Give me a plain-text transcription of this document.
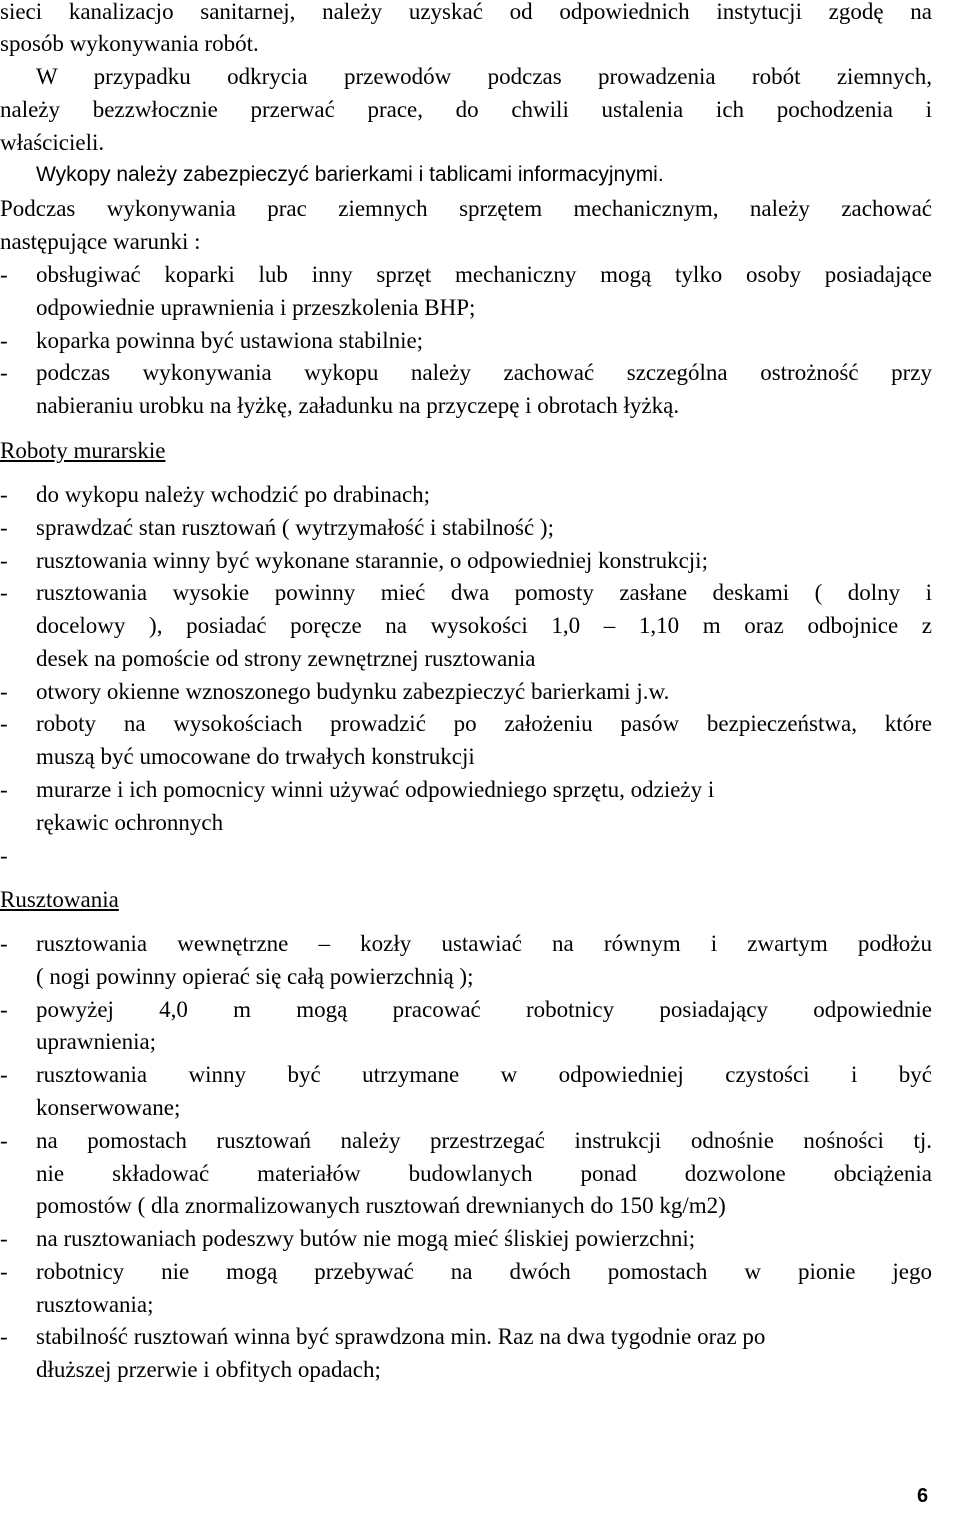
sieci kanalizacjo sanitarnej, należy uzyskać od odpowiednich instytucji zgodę na
sposób wykonywania robót.
W przypadku odkrycia przewodów podczas prowadzenia robót ziemnych,
należy bezzwłocznie przerwać prace, do chwili ustalenia ich pochodzenia i
właścicieli.
Wykopy należy zabezpieczyć barierkami i tablicami informacyjnymi.
Podczas wykonywania prac ziemnych sprzętem mechanicznym, należy zachować
następujące warunki :
- obsługiwać koparki lub inny sprzęt mechaniczny mogą tylko osoby posiadające
odpowiednie uprawnienia i przeszkolenia BHP;
- koparka powinna być ustawiona stabilnie;
- podczas wykonywania wykopu należy zachować szczególna ostrożność przy
nabieraniu urobku na łyżkę, załadunku na przyczepę i obrotach łyżką.
Roboty murarskie
- do wykopu należy wchodzić po drabinach;
- sprawdzać stan rusztowań ( wytrzymałość i stabilność );
- rusztowania winny być wykonane starannie, o odpowiedniej konstrukcji;
- rusztowania wysokie powinny mieć dwa pomosty zasłane deskami ( dolny i
docelowy ), posiadać poręcze na wysokości 1,0 – 1,10 m oraz odbojnice z
desek na pomoście od strony zewnętrznej rusztowania
- otwory okienne wznoszonego budynku zabezpieczyć barierkami j.w.
- roboty na wysokościach prowadzić po założeniu pasów bezpieczeństwa, które
muszą być umocowane do trwałych konstrukcji
- murarze i ich pomocnicy winni używać odpowiedniego sprzętu, odzieży i
rękawic ochronnych
-
Rusztowania
- rusztowania wewnętrzne – kozły ustawiać na równym i zwartym podłożu
( nogi powinny opierać się całą powierzchnią );
- powyżej 4,0 m mogą pracować robotnicy posiadający odpowiednie
uprawnienia;
- rusztowania winny być utrzymane w odpowiedniej czystości i być
konserwowane;
- na pomostach rusztowań należy przestrzegać instrukcji odnośnie nośności tj.
nie składować materiałów budowlanych ponad dozwolone obciążenia
pomostów ( dla znormalizowanych rusztowań drewnianych do 150 kg/m2)
- na rusztowaniach podeszwy butów nie mogą mieć śliskiej powierzchni;
- robotnicy nie mogą przebywać na dwóch pomostach w pionie jego
rusztowania;
- stabilność rusztowań winna być sprawdzona min. Raz na dwa tygodnie oraz po
dłuższej przerwie i obfitych opadach;
6
